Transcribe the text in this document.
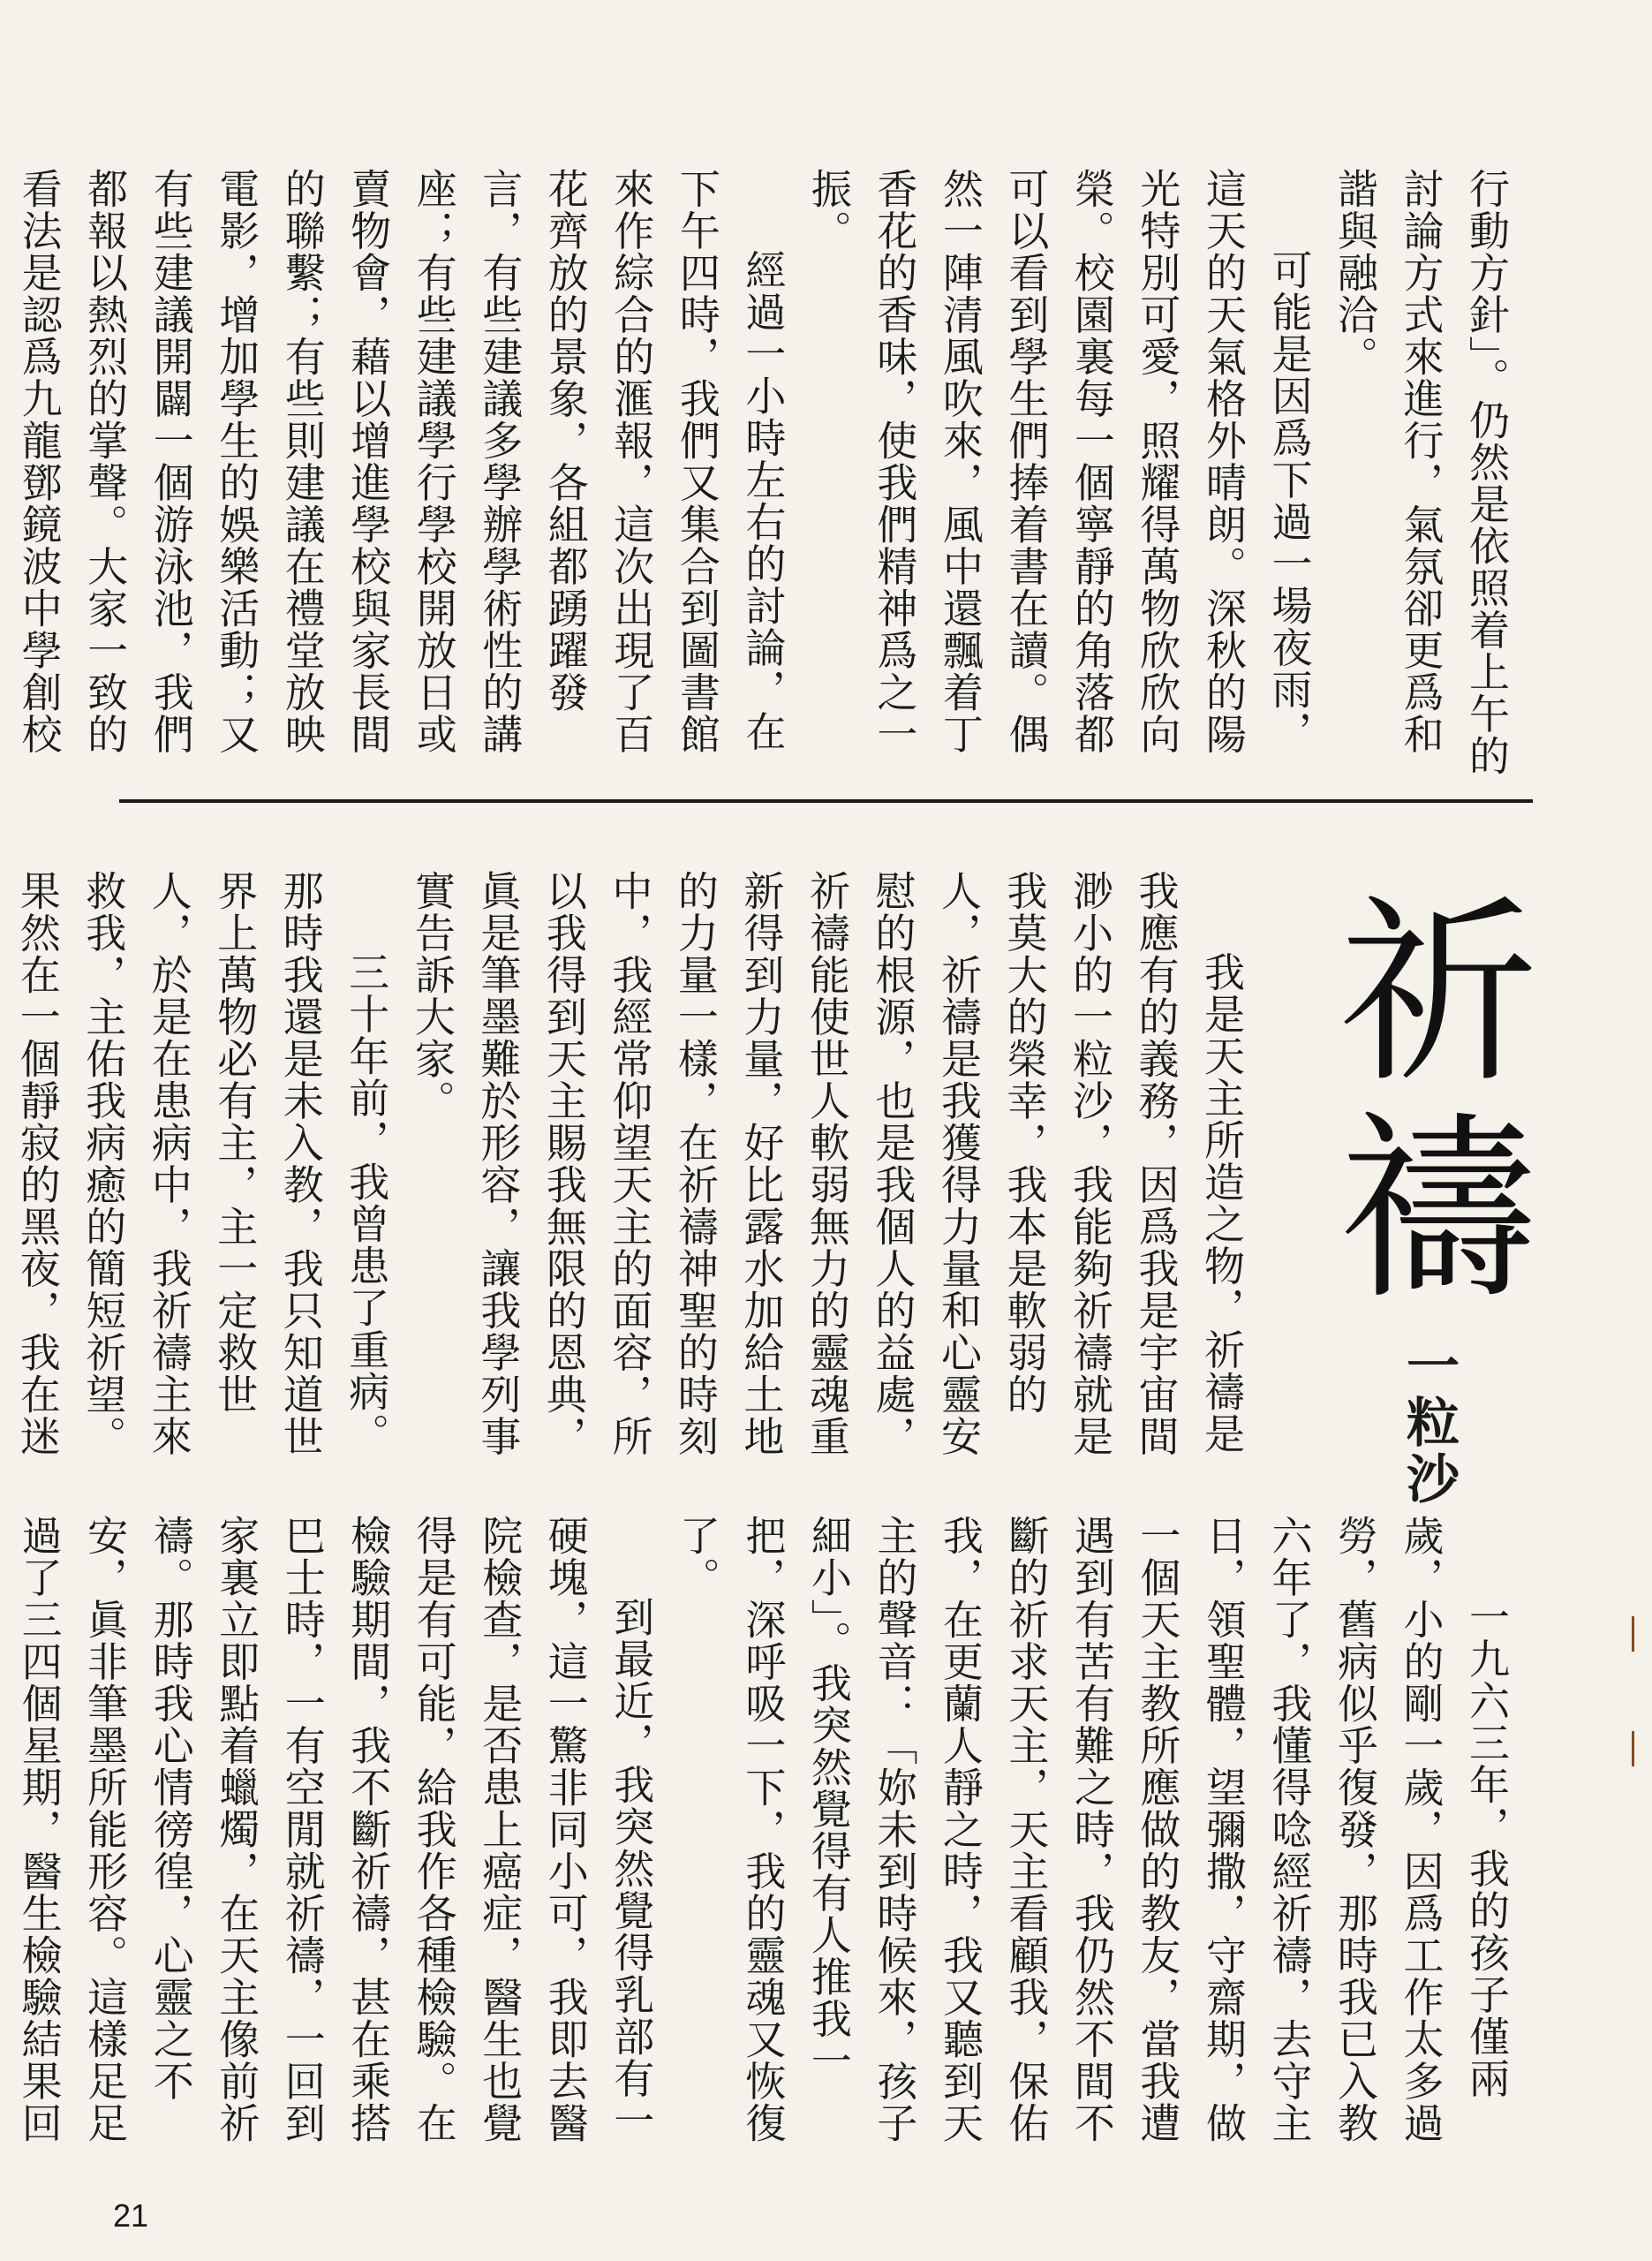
行動方針」。仍然是依照着上午的討論方式來進行，氣氛卻更爲和諧與融洽。

可能是因爲下過一場夜雨，這天的天氣格外晴朗。深秋的陽光特別可愛，照耀得萬物欣欣向榮。校園裏每一個寧靜的角落都可以看到學生們捧着書在讀。偶然一陣清風吹來，風中還飄着丁香花的香味，使我們精神爲之一振。

經過一小時左右的討論，在下午四時，我們又集合到圖書館來作綜合的滙報，這次出現了百花齊放的景象，各組都踴躍發言，有些建議多學辦學術性的講座；有些建議學行學校開放日或賣物會，藉以增進學校與家長間的聯繫；有些則建議在禮堂放映電影，增加學生的娛樂活動；又有些建議開闢一個游泳池，我們都報以熱烈的掌聲。大家一致的看法是認爲九龍鄧鏡波中學創校

祈禱
一粒沙

我是天主所造之物，祈禱是我應有的義務，因爲我是宇宙間渺小的一粒沙，我能夠祈禱就是我莫大的榮幸，我本是軟弱的人，祈禱是我獲得力量和心靈安慰的根源，也是我個人的益處，祈禱能使世人軟弱無力的靈魂重新得到力量，好比露水加給土地的力量一樣，在祈禱神聖的時刻中，我經常仰望天主的面容，所以我得到天主賜我無限的恩典，眞是筆墨難於形容，讓我學列事實告訴大家。

三十年前，我曾患了重病。那時我還是未入教，我只知道世界上萬物必有主，主一定救世人，於是在患病中，我祈禱主來救我，主佑我病癒的簡短祈望。果然在一個靜寂的黑夜，我在迷

一九六三年，我的孩子僅兩歲，小的剛一歲，因爲工作太多過勞，舊病似乎復發，那時我已入教六年了，我懂得唸經祈禱，去守主日，領聖體，望彌撒，守齋期，做一個天主教所應做的教友，當我遭遇到有苦有難之時，我仍然不間不斷的祈求天主，天主看顧我，保佑我，在更蘭人靜之時，我又聽到天主的聲音：「妳未到時候來，孩子細小」。我突然覺得有人推我一把，深呼吸一下，我的靈魂又恢復了。

到最近，我突然覺得乳部有一硬塊，這一驚非同小可，我即去醫院檢查，是否患上癌症，醫生也覺得是有可能，給我作各種檢驗。在檢驗期間，我不斷祈禱，甚在乘搭巴士時，一有空閒就祈禱，一回到家裏立即點着蠟燭，在天主像前祈禱。那時我心情徬徨，心靈之不安，眞非筆墨所能形容。這樣足足過了三四個星期，醫生檢驗結果回

21
